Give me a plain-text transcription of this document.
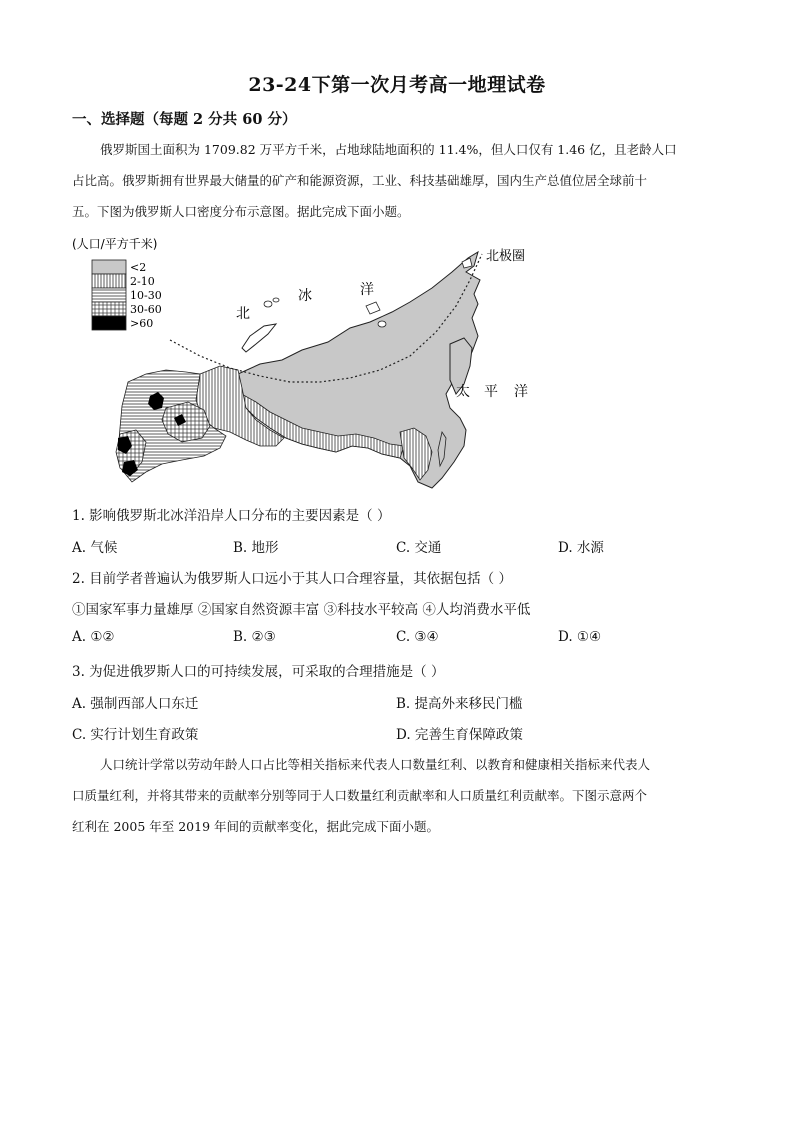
23-24下第一次月考高一地理试卷
一、选择题（每题 2 分共 60 分）
俄罗斯国土面积为 1709.82 万平方千米，占地球陆地面积的 11.4%，但人口仅有 1.46 亿，且老龄人口
占比高。俄罗斯拥有世界最大储量的矿产和能源资源，工业、科技基础雄厚，国内生产总值位居全球前十
五。下图为俄罗斯人口密度分布示意图。据此完成下面小题。
(人口/平方千米)
<2
2-10
10-30
30-60
>60
北极圈
北
冰	洋
太 平 洋
1. 影响俄罗斯北冰洋沿岸人口分布的主要因素是（ ）
A. 气候	B. 地形	C. 交通	D. 水源
2. 目前学者普遍认为俄罗斯人口远小于其人口合理容量，其依据包括（ ）
①国家军事力量雄厚 ②国家自然资源丰富 ③科技水平较高 ④人均消费水平低
A. ①②	B. ②③	C. ③④	D. ①④
3. 为促进俄罗斯人口的可持续发展，可采取的合理措施是（ ）
A. 强制西部人口东迁	B. 提高外来移民门槛
C. 实行计划生育政策	D. 完善生育保障政策
人口统计学常以劳动年龄人口占比等相关指标来代表人口数量红利、以教育和健康相关指标来代表人
口质量红利，并将其带来的贡献率分别等同于人口数量红利贡献率和人口质量红利贡献率。下图示意两个
红利在 2005 年至 2019 年间的贡献率变化，据此完成下面小题。
